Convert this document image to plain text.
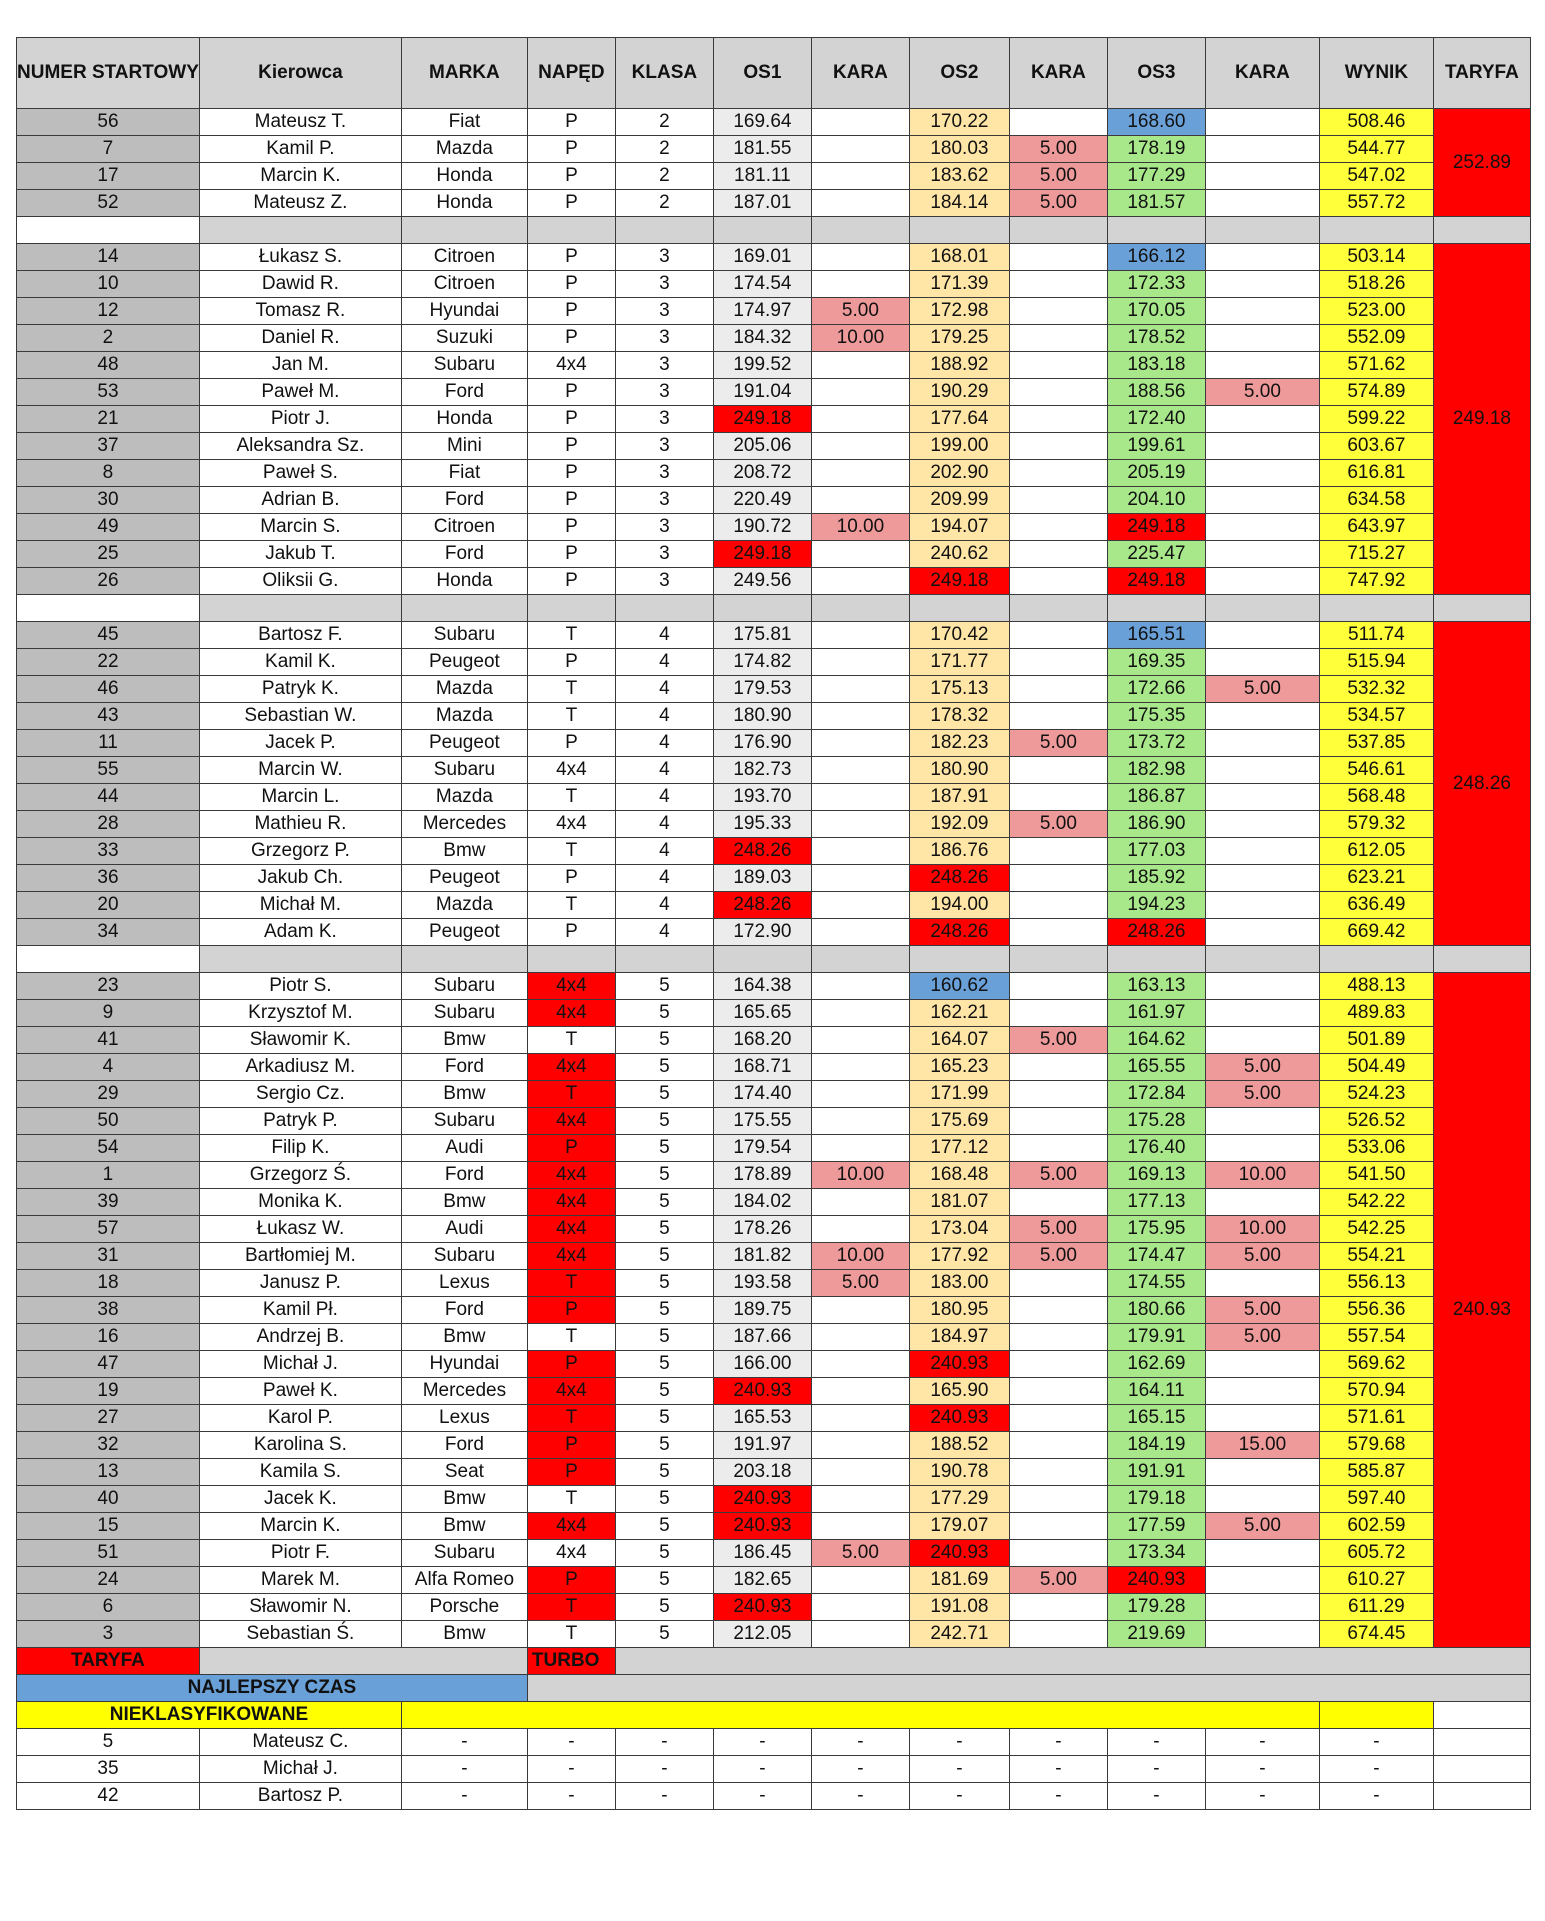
NUMER STARTOWY	Kierowca	MARKA	NAPĘD	KLASA	OS1	KARA	OS2	KARA	OS3	KARA	WYNIK	TARYFA
56	Mateusz T.	Fiat	P	2	169.64		170.22		168.60		508.46	252.89
7	Kamil P.	Mazda	P	2	181.55		180.03	5.00	178.19		544.77	
17	Marcin K.	Honda	P	2	181.11		183.62	5.00	177.29		547.02	
52	Mateusz Z.	Honda	P	2	187.01		184.14	5.00	181.57		557.72	

14	Łukasz S.	Citroen	P	3	169.01		168.01		166.12		503.14	249.18
10	Dawid R.	Citroen	P	3	174.54		171.39		172.33		518.26	
12	Tomasz R.	Hyundai	P	3	174.97	5.00	172.98		170.05		523.00	
2	Daniel R.	Suzuki	P	3	184.32	10.00	179.25		178.52		552.09	
48	Jan M.	Subaru	4x4	3	199.52		188.92		183.18		571.62	
53	Paweł M.	Ford	P	3	191.04		190.29		188.56	5.00	574.89	
21	Piotr J.	Honda	P	3	249.18		177.64		172.40		599.22	
37	Aleksandra Sz.	Mini	P	3	205.06		199.00		199.61		603.67	
8	Paweł S.	Fiat	P	3	208.72		202.90		205.19		616.81	
30	Adrian B.	Ford	P	3	220.49		209.99		204.10		634.58	
49	Marcin S.	Citroen	P	3	190.72	10.00	194.07		249.18		643.97	
25	Jakub T.	Ford	P	3	249.18		240.62		225.47		715.27	
26	Oliksii G.	Honda	P	3	249.56		249.18		249.18		747.92	

45	Bartosz F.	Subaru	T	4	175.81		170.42		165.51		511.74	248.26
22	Kamil K.	Peugeot	P	4	174.82		171.77		169.35		515.94	
46	Patryk K.	Mazda	T	4	179.53		175.13		172.66	5.00	532.32	
43	Sebastian W.	Mazda	T	4	180.90		178.32		175.35		534.57	
11	Jacek P.	Peugeot	P	4	176.90		182.23	5.00	173.72		537.85	
55	Marcin W.	Subaru	4x4	4	182.73		180.90		182.98		546.61	
44	Marcin L.	Mazda	T	4	193.70		187.91		186.87		568.48	
28	Mathieu R.	Mercedes	4x4	4	195.33		192.09	5.00	186.90		579.32	
33	Grzegorz P.	Bmw	T	4	248.26		186.76		177.03		612.05	
36	Jakub Ch.	Peugeot	P	4	189.03		248.26		185.92		623.21	
20	Michał M.	Mazda	T	4	248.26		194.00		194.23		636.49	
34	Adam K.	Peugeot	P	4	172.90		248.26		248.26		669.42	

23	Piotr S.	Subaru	4x4	5	164.38		160.62		163.13		488.13	240.93
9	Krzysztof M.	Subaru	4x4	5	165.65		162.21		161.97		489.83	
41	Sławomir K.	Bmw	T	5	168.20		164.07	5.00	164.62		501.89	
4	Arkadiusz M.	Ford	4x4	5	168.71		165.23		165.55	5.00	504.49	
29	Sergio Cz.	Bmw	T	5	174.40		171.99		172.84	5.00	524.23	
50	Patryk P.	Subaru	4x4	5	175.55		175.69		175.28		526.52	
54	Filip K.	Audi	P	5	179.54		177.12		176.40		533.06	
1	Grzegorz Ś.	Ford	4x4	5	178.89	10.00	168.48	5.00	169.13	10.00	541.50	
39	Monika K.	Bmw	4x4	5	184.02		181.07		177.13		542.22	
57	Łukasz W.	Audi	4x4	5	178.26		173.04	5.00	175.95	10.00	542.25	
31	Bartłomiej M.	Subaru	4x4	5	181.82	10.00	177.92	5.00	174.47	5.00	554.21	
18	Janusz P.	Lexus	T	5	193.58	5.00	183.00		174.55		556.13	
38	Kamil Pł.	Ford	P	5	189.75		180.95		180.66	5.00	556.36	
16	Andrzej B.	Bmw	T	5	187.66		184.97		179.91	5.00	557.54	
47	Michał J.	Hyundai	P	5	166.00		240.93		162.69		569.62	
19	Paweł K.	Mercedes	4x4	5	240.93		165.90		164.11		570.94	
27	Karol P.	Lexus	T	5	165.53		240.93		165.15		571.61	
32	Karolina S.	Ford	P	5	191.97		188.52		184.19	15.00	579.68	
13	Kamila S.	Seat	P	5	203.18		190.78		191.91		585.87	
40	Jacek K.	Bmw	T	5	240.93		177.29		179.18		597.40	
15	Marcin K.	Bmw	4x4	5	240.93		179.07		177.59	5.00	602.59	
51	Piotr F.	Subaru	4x4	5	186.45	5.00	240.93		173.34		605.72	
24	Marek M.	Alfa Romeo	P	5	182.65		181.69	5.00	240.93		610.27	
6	Sławomir N.	Porsche	T	5	240.93		191.08		179.28		611.29	
3	Sebastian Ś.	Bmw	T	5	212.05		242.71		219.69		674.45	
TARYFA			TURBO									
NAJLEPSZY CZAS												
NIEKLASYFIKOWANE												
5	Mateusz C.	-	-	-	-	-	-	-	-	-	-	
35	Michał J.	-	-	-	-	-	-	-	-	-	-	
42	Bartosz P.	-	-	-	-	-	-	-	-	-	-	
